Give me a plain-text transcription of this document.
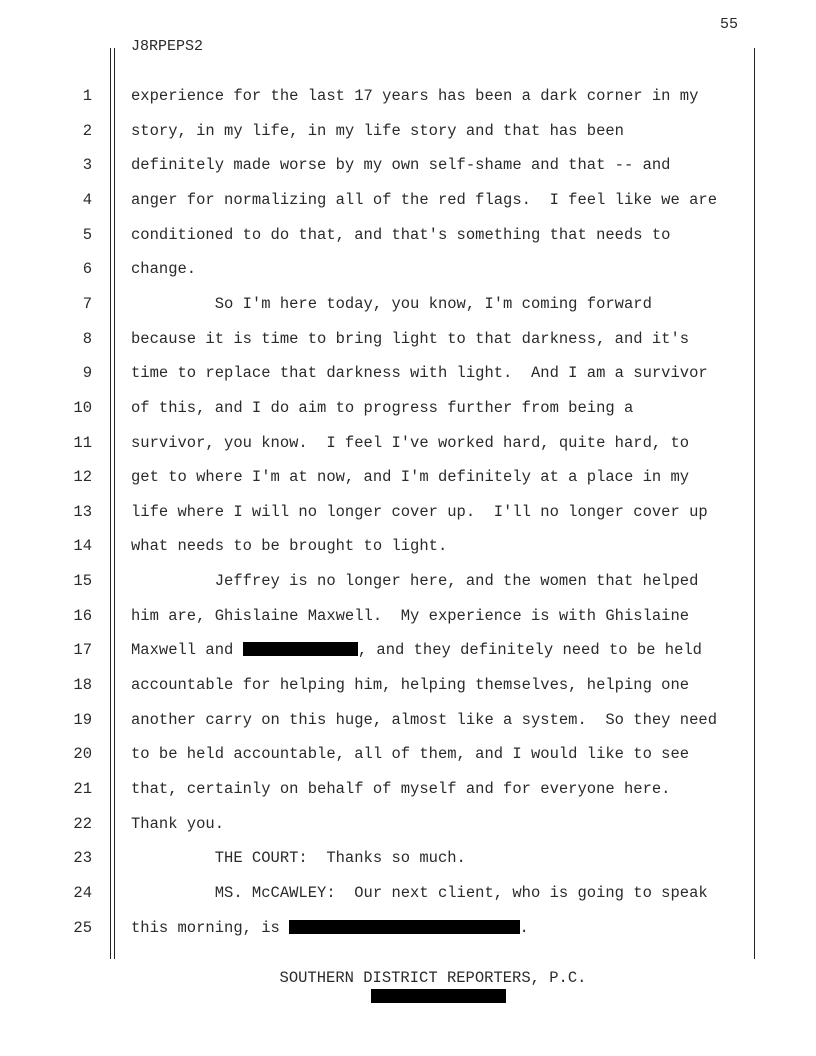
55
J8RPEPS2
1	experience for the last 17 years has been a dark corner in my
2	story, in my life, in my life story and that has been
3	definitely made worse by my own self-shame and that -- and
4	anger for normalizing all of the red flags.  I feel like we are
5	conditioned to do that, and that's something that needs to
6	change.
7	So I'm here today, you know, I'm coming forward
8	because it is time to bring light to that darkness, and it's
9	time to replace that darkness with light.  And I am a survivor
10	of this, and I do aim to progress further from being a
11	survivor, you know.  I feel I've worked hard, quite hard, to
12	get to where I'm at now, and I'm definitely at a place in my
13	life where I will no longer cover up.  I'll no longer cover up
14	what needs to be brought to light.
15	Jeffrey is no longer here, and the women that helped
16	him are, Ghislaine Maxwell.  My experience is with Ghislaine
17	Maxwell and	, and they definitely need to be held
18	accountable for helping him, helping themselves, helping one
19	another carry on this huge, almost like a system.  So they need
20	to be held accountable, all of them, and I would like to see
21	that, certainly on behalf of myself and for everyone here.
22	Thank you.
23	THE COURT:  Thanks so much.
24	MS. McCAWLEY:  Our next client, who is going to speak
25	this morning, is	.
SOUTHERN DISTRICT REPORTERS, P.C.
